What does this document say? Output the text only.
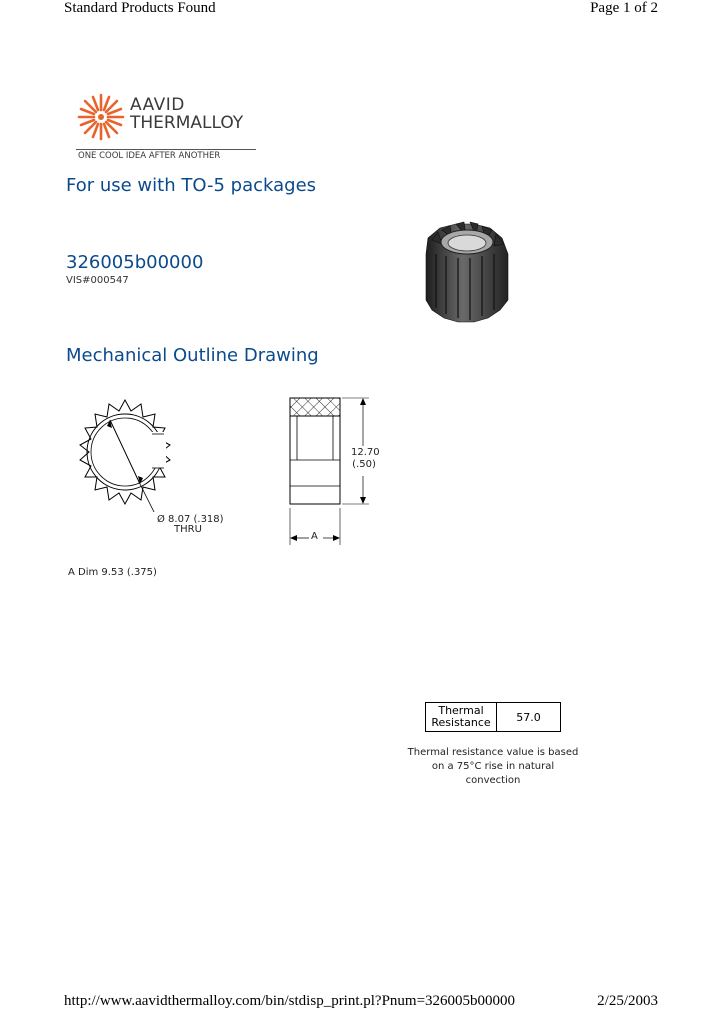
Standard Products Found	Page 1 of 2
AAVID
THERMALLOY
ONE COOL IDEA AFTER ANOTHER
For use with TO-5 packages
326005b00000
VIS#000547
Mechanical Outline Drawing
Ø 8.07 (.318)
THRU
12.70
(.50)
A
A Dim 9.53 (.375)
Thermal
Resistance	57.0
Thermal resistance value is based
on a 75°C rise in natural
convection
http://www.aavidthermalloy.com/bin/stdisp_print.pl?Pnum=326005b00000	2/25/2003
